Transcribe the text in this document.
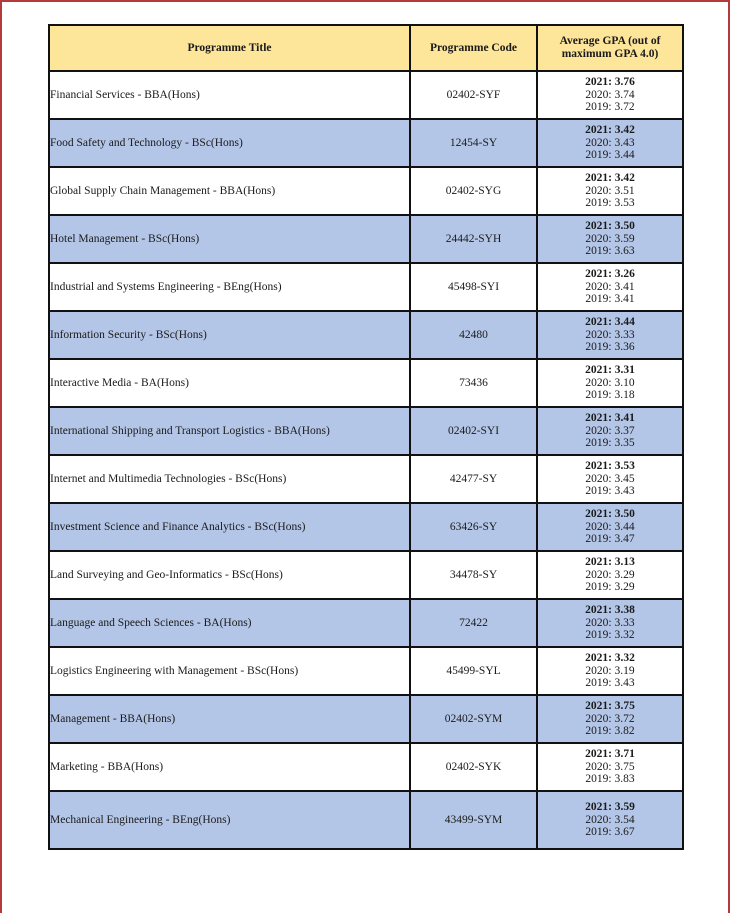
Programme Title	Programme Code	Average GPA (out of
maximum GPA 4.0)

Financial Services - BBA(Hons)	02402-SYF	2021: 3.76
2020: 3.74
2019: 3.72

Food Safety and Technology - BSc(Hons)	12454-SY	2021: 3.42
2020: 3.43
2019: 3.44

Global Supply Chain Management - BBA(Hons)	02402-SYG	2021: 3.42
2020: 3.51
2019: 3.53

Hotel Management - BSc(Hons)	24442-SYH	2021: 3.50
2020: 3.59
2019: 3.63

Industrial and Systems Engineering - BEng(Hons)	45498-SYI	2021: 3.26
2020: 3.41
2019: 3.41

Information Security - BSc(Hons)	42480	2021: 3.44
2020: 3.33
2019: 3.36

Interactive Media - BA(Hons)	73436	2021: 3.31
2020: 3.10
2019: 3.18

International Shipping and Transport Logistics - BBA(Hons)	02402-SYI	2021: 3.41
2020: 3.37
2019: 3.35

Internet and Multimedia Technologies - BSc(Hons)	42477-SY	2021: 3.53
2020: 3.45
2019: 3.43

Investment Science and Finance Analytics - BSc(Hons)	63426-SY	2021: 3.50
2020: 3.44
2019: 3.47

Land Surveying and Geo-Informatics - BSc(Hons)	34478-SY	2021: 3.13
2020: 3.29
2019: 3.29

Language and Speech Sciences - BA(Hons)	72422	2021: 3.38
2020: 3.33
2019: 3.32

Logistics Engineering with Management - BSc(Hons)	45499-SYL	2021: 3.32
2020: 3.19
2019: 3.43

Management - BBA(Hons)	02402-SYM	2021: 3.75
2020: 3.72
2019: 3.82

Marketing - BBA(Hons)	02402-SYK	2021: 3.71
2020: 3.75
2019: 3.83

Mechanical Engineering - BEng(Hons)	43499-SYM	2021: 3.59
2020: 3.54
2019: 3.67
